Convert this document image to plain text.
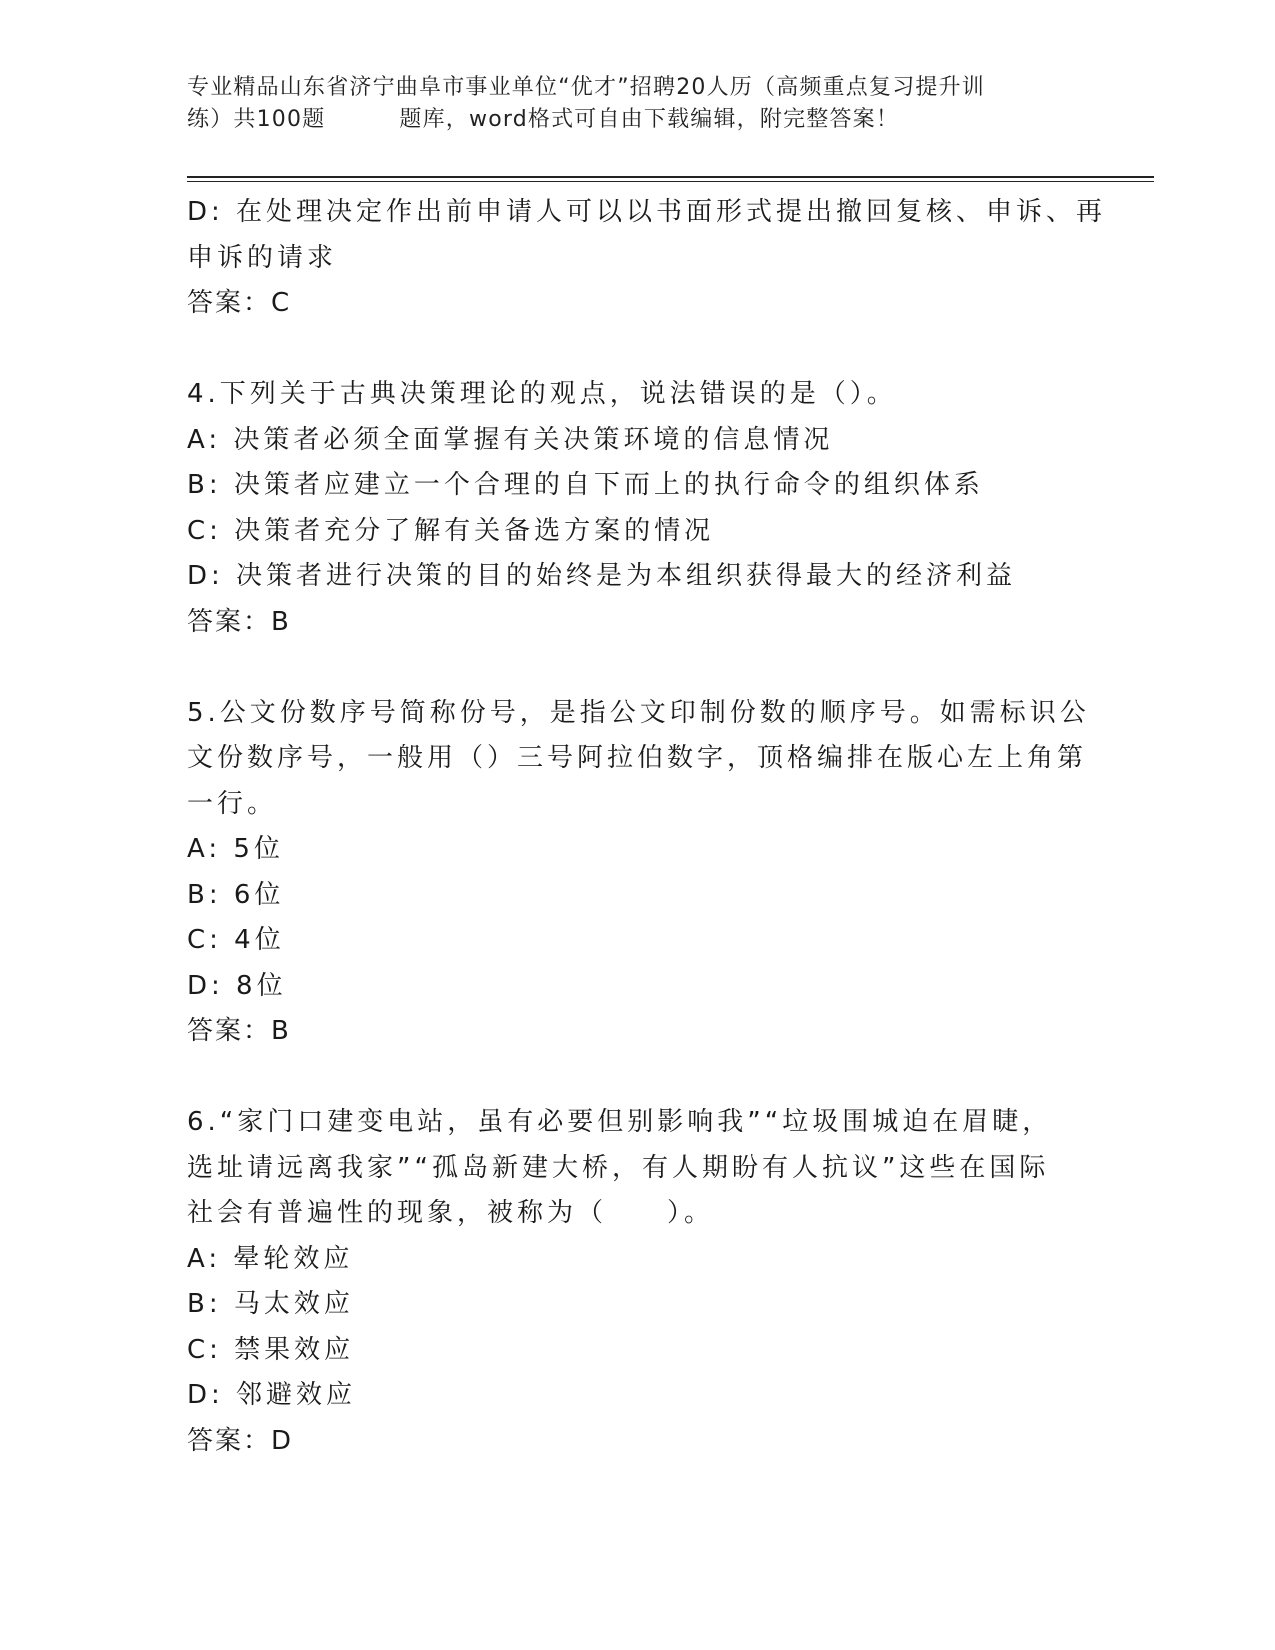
专业精品山东省济宁曲阜市事业单位“优才”招聘20人历（高频重点复习提升训
练）共100题	题库，word格式可自由下载编辑，附完整答案！
D: 在处理决定作出前申请人可以以书面形式提出撤回复核、申诉、再
申诉的请求
答案：C
4.下列关于古典决策理论的观点，说法错误的是（）。
A: 决策者必须全面掌握有关决策环境的信息情况
B: 决策者应建立一个合理的自下而上的执行命令的组织体系
C: 决策者充分了解有关备选方案的情况
D: 决策者进行决策的目的始终是为本组织获得最大的经济利益
答案：B
5.公文份数序号简称份号，是指公文印制份数的顺序号。如需标识公
文份数序号，一般用（）三号阿拉伯数字，顶格编排在版心左上角第
一行。
A: 5位
B: 6位
C: 4位
D: 8位
答案：B
6.“家门口建变电站，虽有必要但别影响我”“垃圾围城迫在眉睫，
选址请远离我家”“孤岛新建大桥，有人期盼有人抗议”这些在国际
社会有普遍性的现象，被称为（　　）。
A: 晕轮效应
B: 马太效应
C: 禁果效应
D: 邻避效应
答案：D
